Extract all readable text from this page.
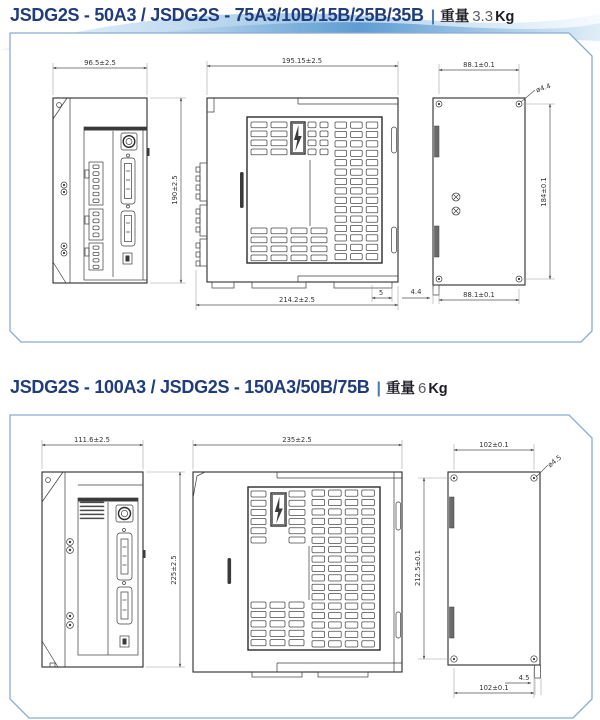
96.5±2.5
190±2.5
195.15±2.5
214.2±2.5
5	4.4
88.1±0.1
ø4.4
184±0.1
88.1±0.1
111.6±2.5
225±2.5
235±2.5
102±0.1
ø4.5
212.5±0.1
102±0.1
4.5
JSDG2S - 50A3 / JSDG2S - 75A3/10B/15B/25B/35B | 重量 3.3 Kg
JSDG2S - 100A3 / JSDG2S - 150A3/50B/75B | 重量 6 Kg
